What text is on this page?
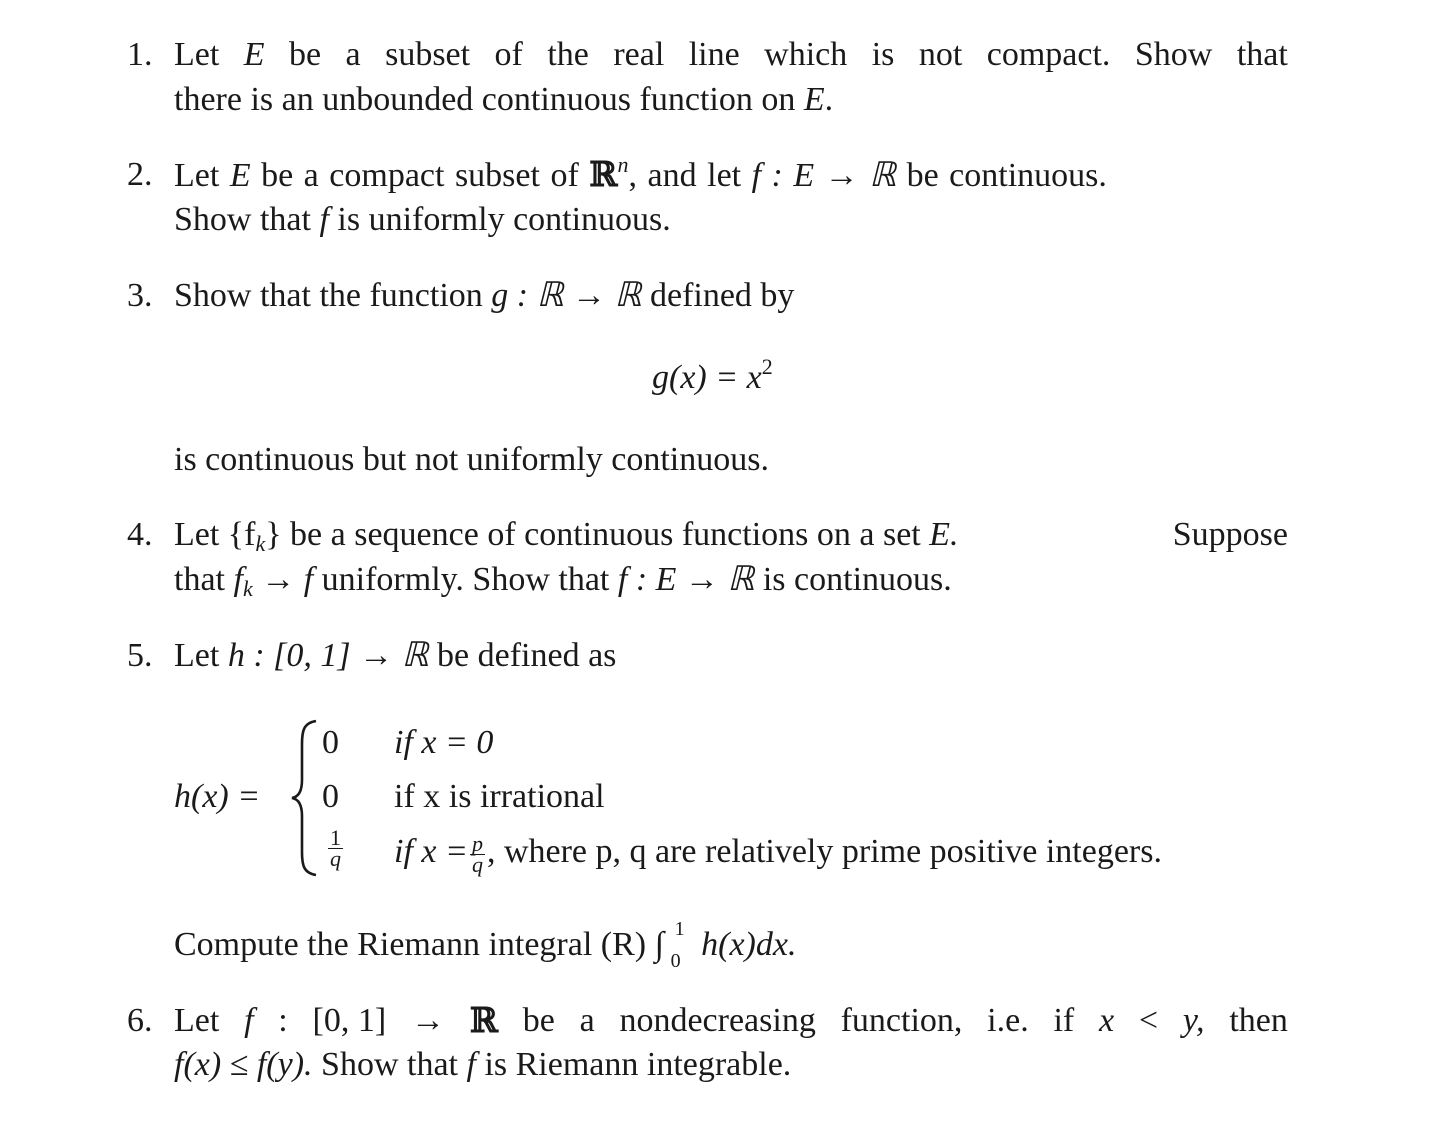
1. Let E be a subset of the real line which is not compact. Show that
there is an unbounded continuous function on E.
2. Let E be a compact subset of ℝ$^n$, and let f : E → ℝ be continuous.
Show that f is uniformly continuous.
3. Show that the function g : ℝ → ℝ defined by
$g(x) = x^2$
is continuous but not uniformly continuous.
4. Let $\{f_k\}$ be a sequence of continuous functions on a set E.	Suppose
that $f_k \to f$ uniformly. Show that f : E → ℝ is continuous.
5. Let h : [0, 1] → ℝ be defined as
h(x) =
0 if x = 0
0 if x is irrational
$\frac{1}{q}$ if $x = \frac{p}{q}$ , where p, q are relatively prime positive integers.
Compute the Riemann integral (R) ∫ 1
0 h(x)dx.
6. Let f : [0, 1] → ℝ be a nondecreasing function, i.e. if x < y, then
f(x) ≤ f(y). Show that f is Riemann integrable.
